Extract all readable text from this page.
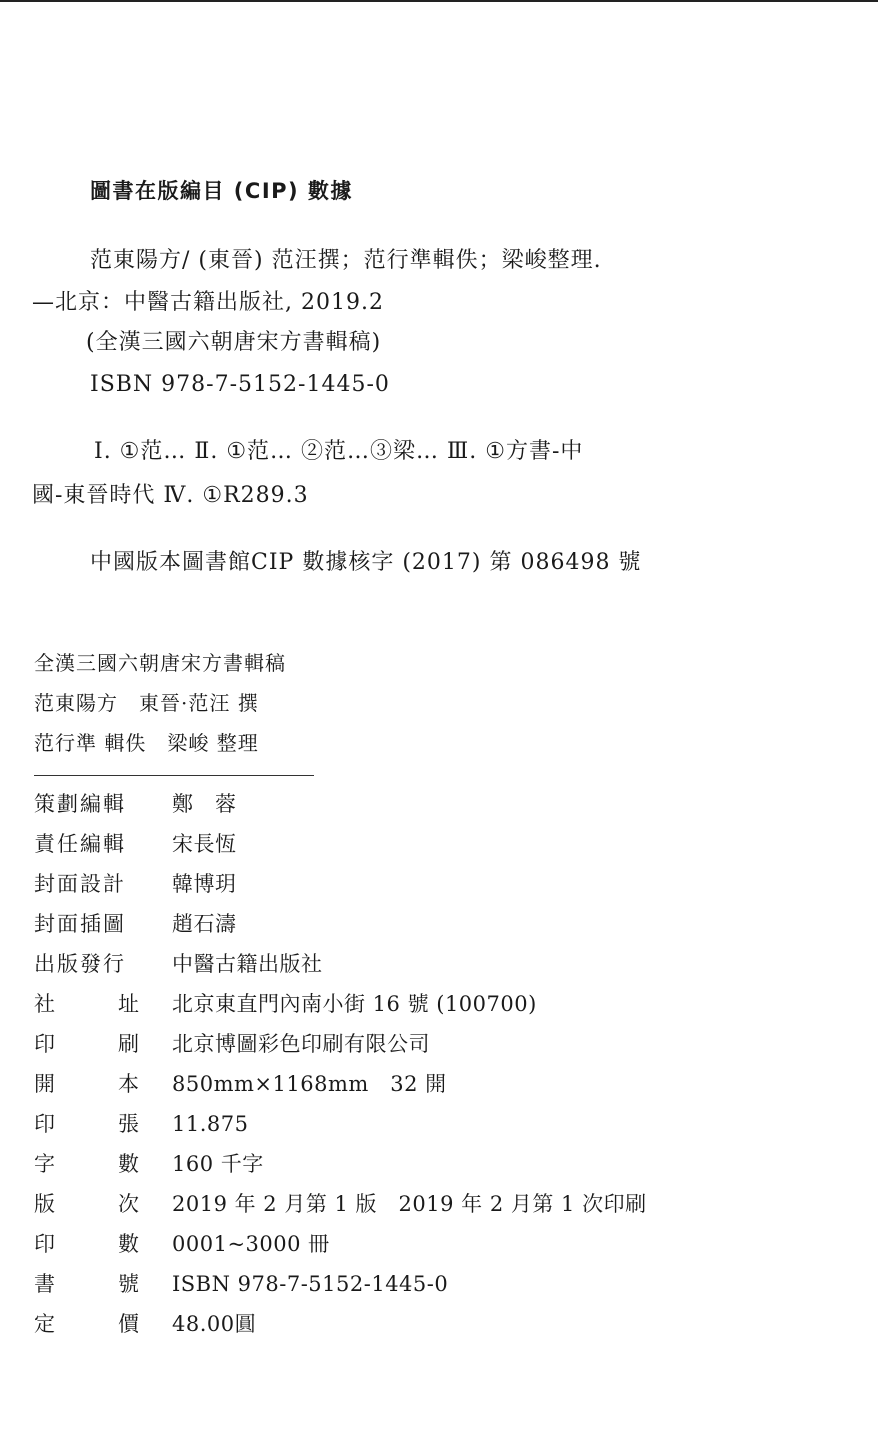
圖書在版編目 (CIP) 數據
范東陽方/ (東晉) 范汪撰；范行準輯佚；梁峻整理.
—北京：中醫古籍出版社, 2019.2
(全漢三國六朝唐宋方書輯稿)
ISBN 978-7-5152-1445-0
Ⅰ. ①范… Ⅱ. ①范… ②范…③梁… Ⅲ. ①方書-中
國-東晉時代 Ⅳ. ①R289.3
中國版本圖書館CIP 數據核字 (2017) 第 086498 號
全漢三國六朝唐宋方書輯稿
范東陽方　東晉·范汪 撰
范行準 輯佚　梁峻 整理
策劃編輯 鄭　蓉
責任編輯 宋長恆
封面設計 韓博玥
封面插圖 趙石濤
出版發行 中醫古籍出版社
社	址 北京東直門內南小街 16 號 (100700)
印	刷 北京博圖彩色印刷有限公司
開	本 850mm×1168mm　32 開
印	張 11.875
字	數 160 千字
版	次 2019 年 2 月第 1 版　2019 年 2 月第 1 次印刷
印	數 0001~3000 冊
書	號 ISBN 978-7-5152-1445-0
定	價 48.00圓
